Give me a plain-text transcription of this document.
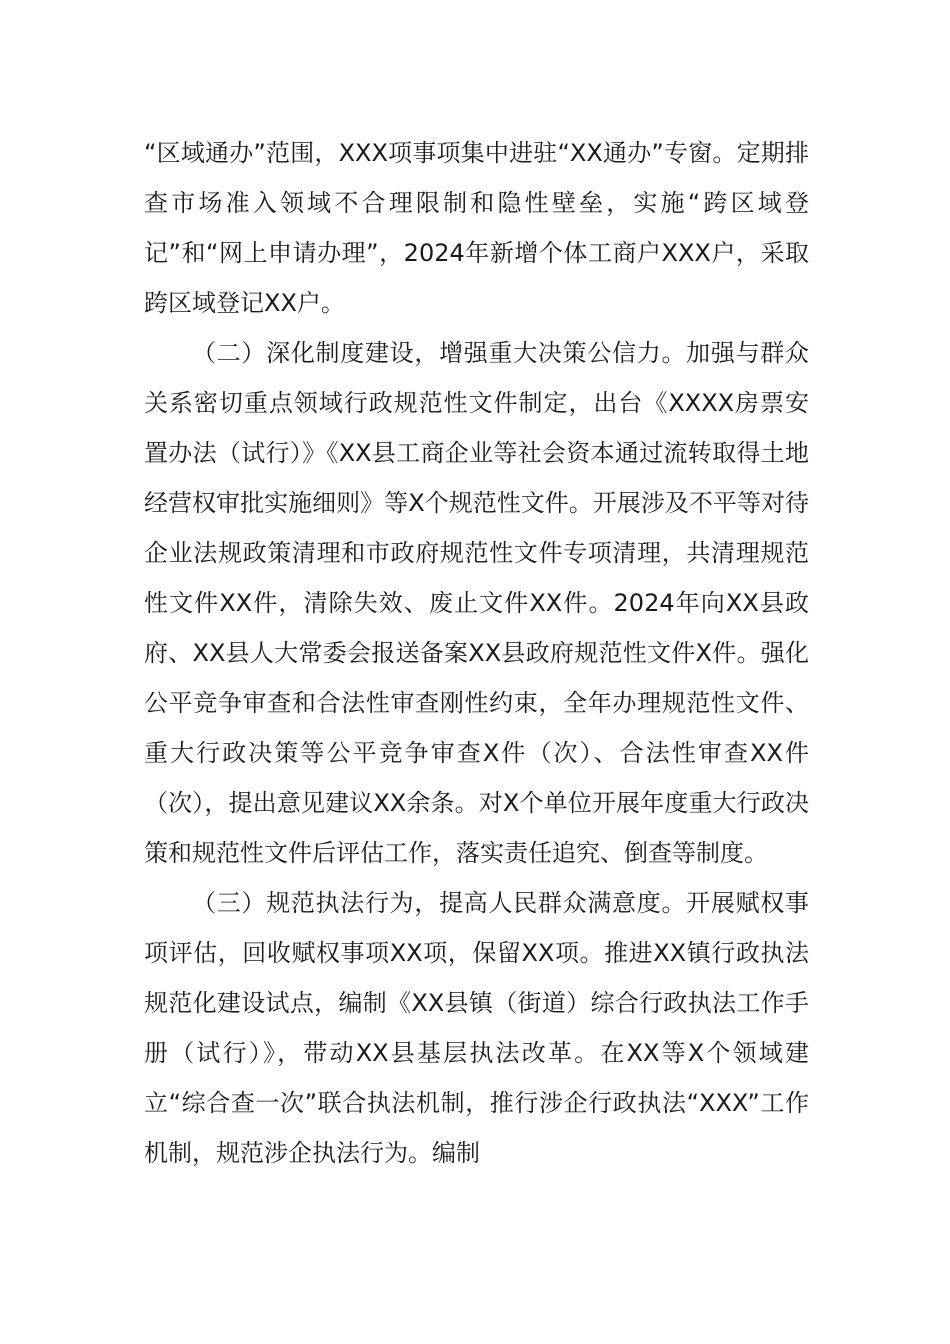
“区域通办”范围，XXX项事项集中进驻“XX通办”专窗。定期排查市场准入领域不合理限制和隐性壁垒，实施“跨区域登记”和“网上申请办理”，2024年新增个体工商户XXX户，采取跨区域登记XX户。

（二）深化制度建设，增强重大决策公信力。加强与群众关系密切重点领域行政规范性文件制定，出台《XXXX房票安置办法（试行）》《XX县工商企业等社会资本通过流转取得土地经营权审批实施细则》等X个规范性文件。开展涉及不平等对待企业法规政策清理和市政府规范性文件专项清理，共清理规范性文件XX件，清除失效、废止文件XX件。2024年向XX县政府、XX县人大常委会报送备案XX县政府规范性文件X件。强化公平竞争审查和合法性审查刚性约束，全年办理规范性文件、重大行政决策等公平竞争审查X件（次）、合法性审查XX件（次），提出意见建议XX余条。对X个单位开展年度重大行政决策和规范性文件后评估工作，落实责任追究、倒查等制度。

（三）规范执法行为，提高人民群众满意度。开展赋权事项评估，回收赋权事项XX项，保留XX项。推进XX镇行政执法规范化建设试点，编制《XX县镇（街道）综合行政执法工作手册（试行）》，带动XX县基层执法改革。在XX等X个领域建立“综合查一次”联合执法机制，推行涉企行政执法“XXX”工作机制，规范涉企执法行为。编制
